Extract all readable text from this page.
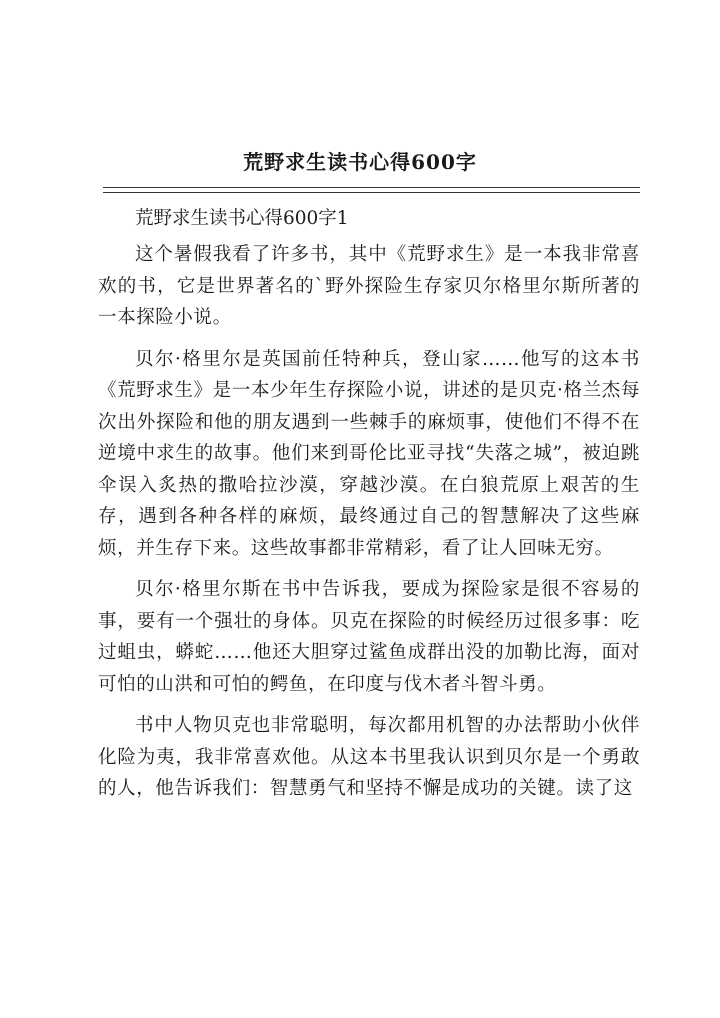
荒野求生读书心得600字

荒野求生读书心得600字1

这个暑假我看了许多书，其中《荒野求生》是一本我非常喜欢的书，它是世界著名的`野外探险生存家贝尔格里尔斯所著的一本探险小说。

贝尔·格里尔是英国前任特种兵，登山家……他写的这本书《荒野求生》是一本少年生存探险小说，讲述的是贝克·格兰杰每次出外探险和他的朋友遇到一些棘手的麻烦事，使他们不得不在逆境中求生的故事。他们来到哥伦比亚寻找“失落之城”，被迫跳伞误入炙热的撒哈拉沙漠，穿越沙漠。在白狼荒原上艰苦的生存，遇到各种各样的麻烦，最终通过自己的智慧解决了这些麻烦，并生存下来。这些故事都非常精彩，看了让人回味无穷。

贝尔·格里尔斯在书中告诉我，要成为探险家是很不容易的事，要有一个强壮的身体。贝克在探险的时候经历过很多事：吃过蛆虫，蟒蛇……他还大胆穿过鲨鱼成群出没的加勒比海，面对可怕的山洪和可怕的鳄鱼，在印度与伐木者斗智斗勇。

书中人物贝克也非常聪明，每次都用机智的办法帮助小伙伴化险为夷，我非常喜欢他。从这本书里我认识到贝尔是一个勇敢的人，他告诉我们：智慧勇气和坚持不懈是成功的关键。读了这
